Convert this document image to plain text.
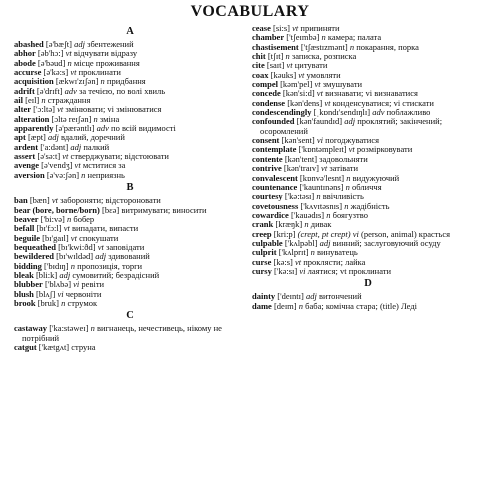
VOCABULARY
A
abashed [ə'bæʃt] adj збентежений
abhor [əb'hɔ:] vt відчувати відразу
abode [ə'bəud] n місце проживання
accurse [ə'kə:s] vt проклинати
acquisition [ækwɪ'zɪʃən] n придбання
adrift [ə'drɪft] adv за течією, по волі хвиль
ail [eɪl] n страждання
alter ['ɔ:ltə] vt змінювати; vi змінюватися
alteration [ɔltə reɪʃən] n зміна
apparently [ə'pærəntlɪ] adv по всій видимості
apt [æpt] adj вдалий, доречний
ardent ['a:dənt] adj палкий
assert [ə'sə:t] vt стверджувати; відстоювати
avenge [ə'vendʒ] vt мститися за
aversion [ə'və:ʃən] n неприязнь
B
ban [bæn] vt забороняти; відстороновати
bear (bore, borne/born) [bɛə] витримувати; виносити
beaver ['bi:və] n бобер
befall [bɪ'fɔ:l] vt випадати, випасти
beguile [bɪ'gaɪl] vt спокушати
bequeathed [bɪ'kwi:ðd] vt заповідати
bewildered [bɪ'wɪldəd] adj здивований
bidding ['bɪdɪŋ] n пропозиція, торги
bleak [bli:k] adj сумовитий; безрадісний
blubber ['blʌbə] vi ревіти
blush [blʌʃ] vi червоніти
brook [bruk] n струмок
C
castaway ['ka:stəweɪ] n вигнанець, нечестивець, нікому не потрібний
catgut ['kætgʌt] струна
cease [si:s] vt припиняти
chamber ['tʃeɪmbə] n камера; палата
chastisement ['tʃæstɪzmənt] n покарання, порка
chit [tʃɪt] n записка, розписка
cite [saɪt] vt цитувати
coax [kəuks] vt умовляти
compel [kəm'pel] vt змушувати
concede [kən'si:d] vt визнавати; vi визнаватися
condense [kən'dens] vt конденсуватися; vi стискати
condescendingly [ˌkɒndɪ'sendɪŋlɪ] adv поблажливо
confounded [kən'faundɪd] adj проклятий; закінчений; осоромлений
consent [kən'sent] vi погоджуватися
contemplate ['kɒntəmpleɪt] vt розмірковувати
contente [kən'tent] задовольняти
contrive [kən'traɪv] vt затівати
convalescent [kɒnvə'lesnt] n видужуючий
countenance ['kauntɪnəns] n обличчя
courtesy ['kə:təsɪ] n ввічливість
covetousness ['kʌvɪtəsnɪs] n жадібність
cowardice ['kauədɪs] n боягузтво
crank [kræŋk] n дивак
creep [kri:p] (crept, pt crept) vi (person, animal) красться
culpable ['kʌlpəbl] adj винний; заслуговуючий осуду
culprit ['kʌlprɪt] n винуватець
curse [kə:s] vt проклясти; лайка
cursy ['kə:sɪ] vi лаятися; vt проклинати
D
dainty ['deɪntɪ] adj витончений
dame [deɪm] n баба; комічна стара; (title) Леді
